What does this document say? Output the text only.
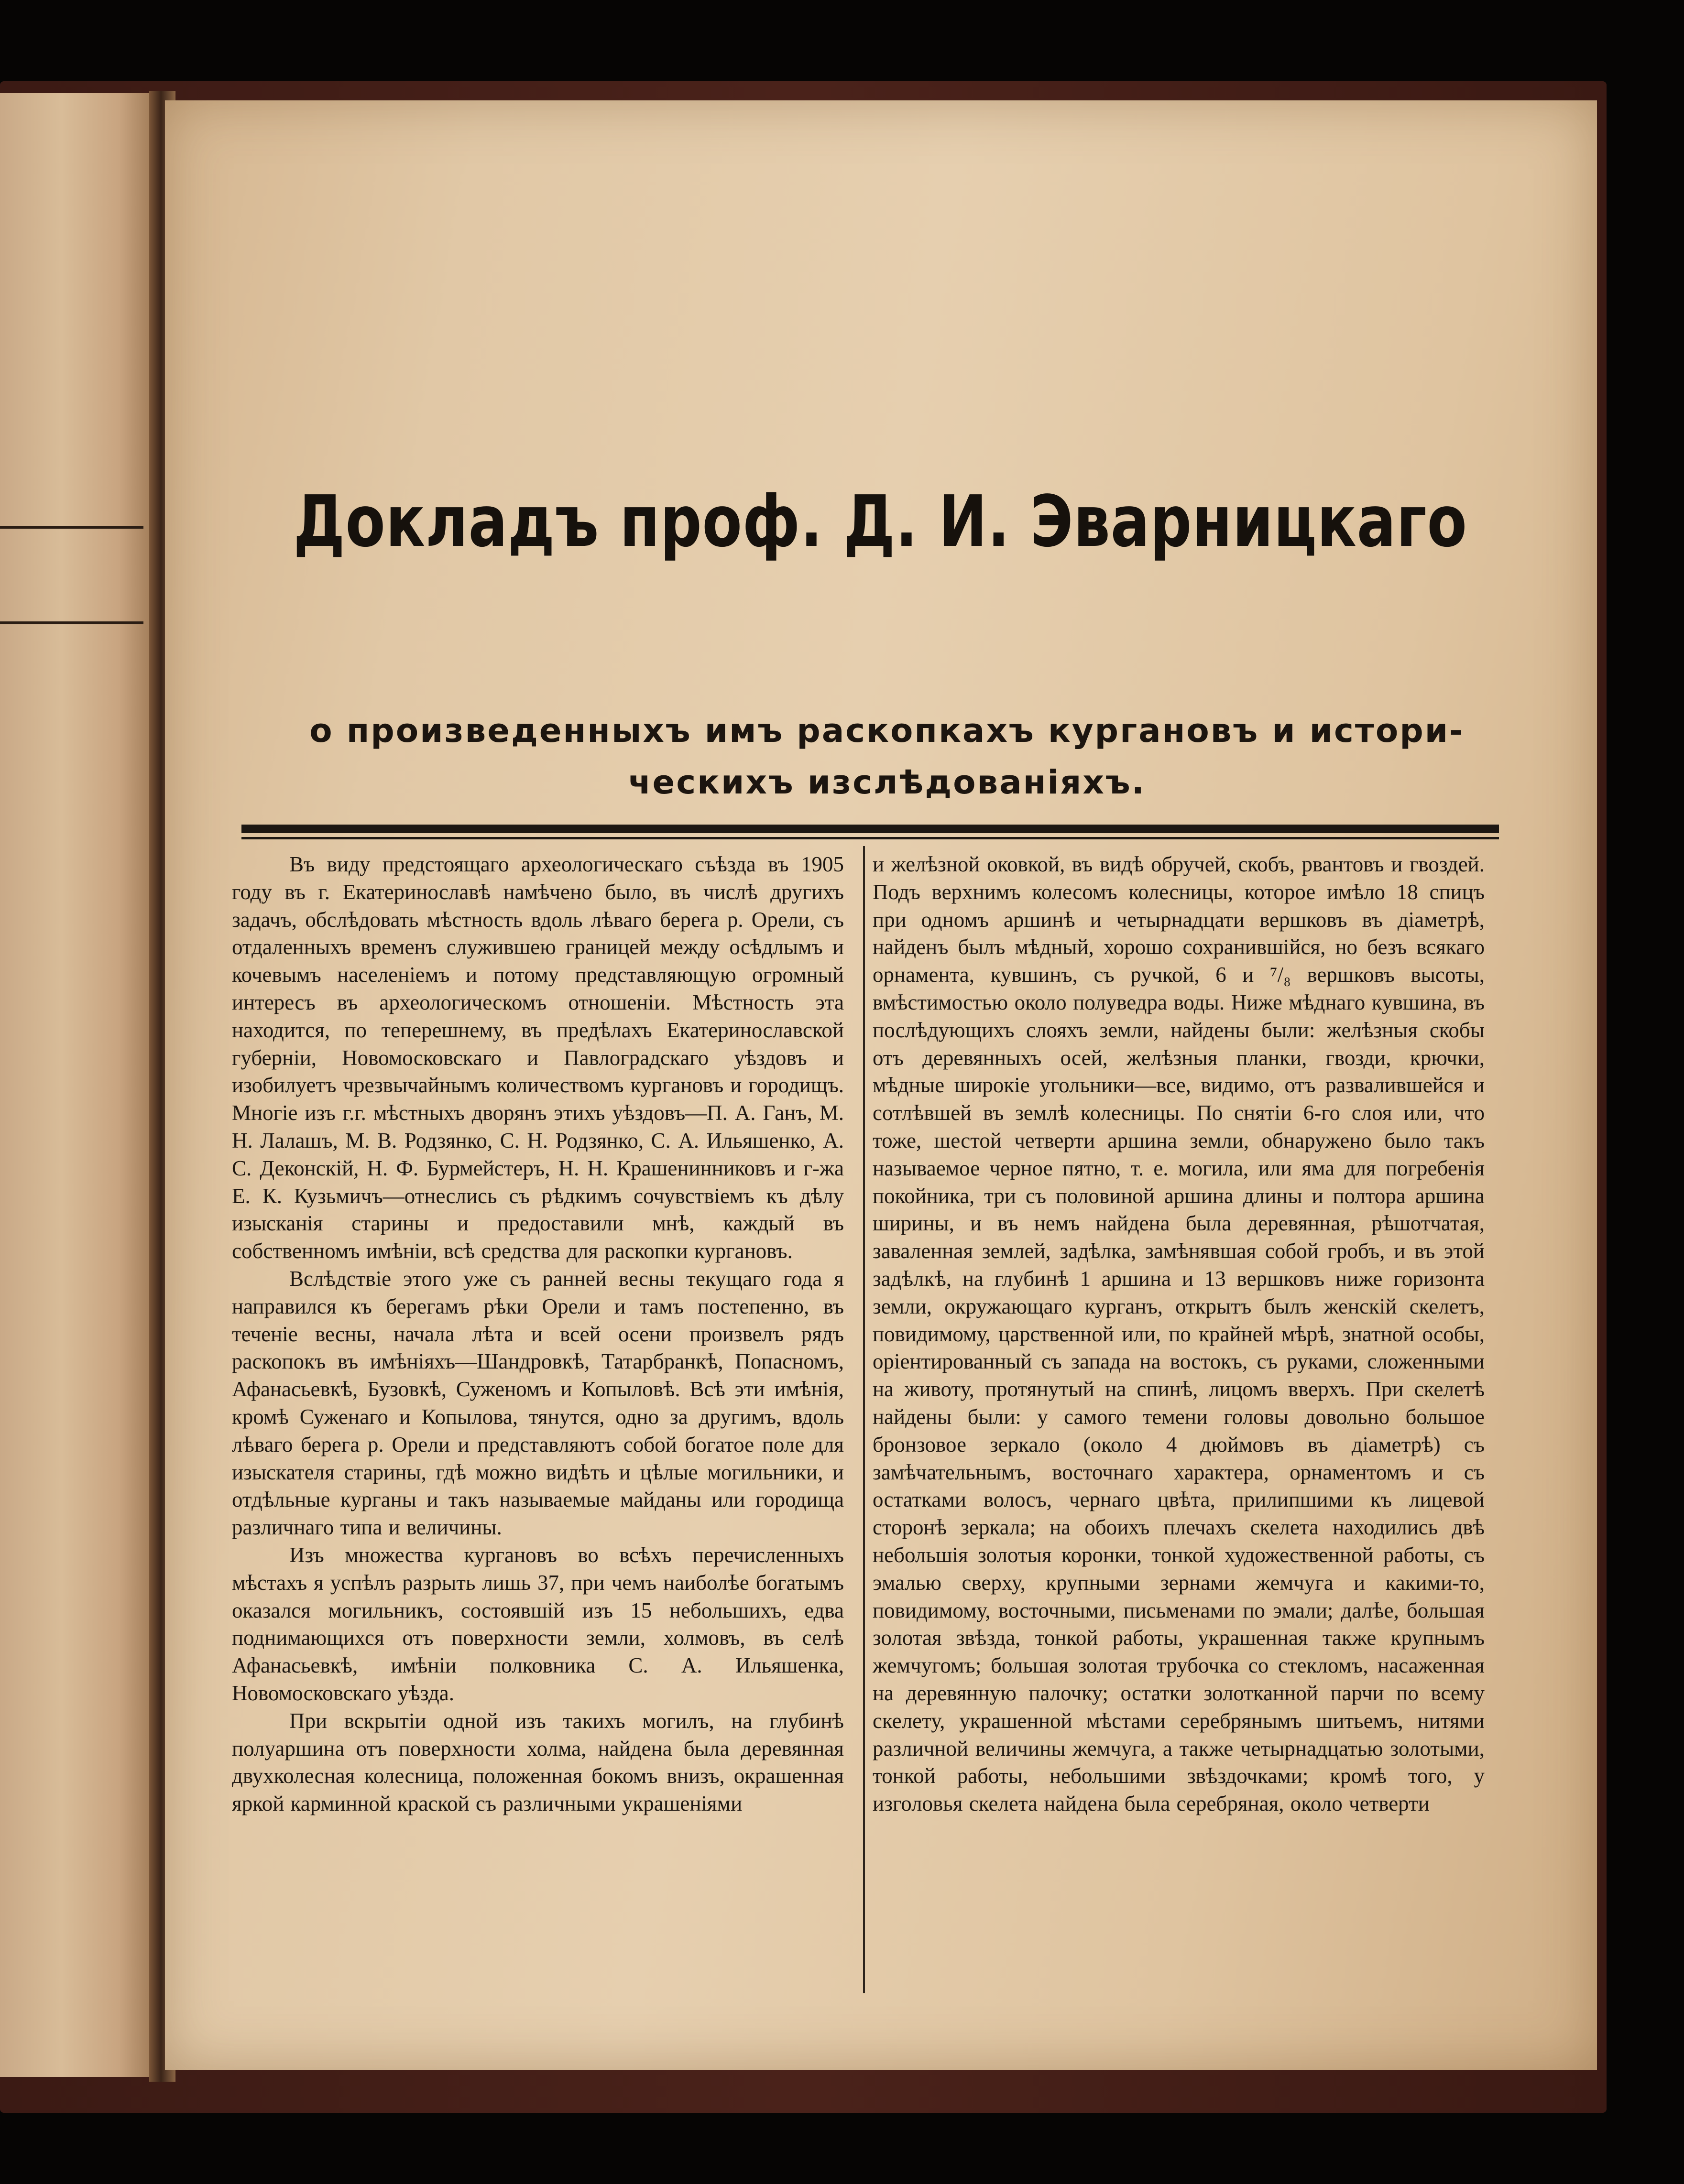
Докладъ проф. Д. И. Эварницкаго
о произведенныхъ имъ раскопкахъ кургановъ и истори-
ческихъ изслѣдованiяхъ.

Въ виду предстоящаго археологическаго съѣзда въ 1905 году въ г. Екатеринославѣ намѣчено было, въ числѣ другихъ задачъ, обслѣдовать мѣстность вдоль лѣваго берега р. Орели, съ отдаленныхъ временъ служившею границей между осѣдлымъ и кочевымъ населенiемъ и потому представляющую огромный интересъ въ археологическомъ отношенiи. Мѣстность эта находится, по теперешнему, въ предѣлахъ Екатеринославской губернiи, Новомосковскаго и Павлоградскаго уѣздовъ и изобилуетъ чрезвычайнымъ количествомъ кургановъ и городищъ. Многiе изъ г.г. мѣстныхъ дворянъ этихъ уѣздовъ—П. А. Ганъ, М. Н. Лалашъ, М. В. Родзянко, С. Н. Родзянко, С. А. Ильяшенко, А. С. Деконскiй, Н. Ф. Бурмейстеръ, Н. Н. Крашенинниковъ и г-жа Е. К. Кузьмичъ—отнеслись съ рѣдкимъ сочувствiемъ къ дѣлу изысканiя старины и предоставили мнѣ, каждый въ собственномъ имѣнiи, всѣ средства для раскопки кургановъ.

Вслѣдствiе этого уже съ ранней весны текущаго года я направился къ берегамъ рѣки Орели и тамъ постепенно, въ теченiе весны, начала лѣта и всей осени произвелъ рядъ раскопокъ въ имѣнiяхъ—Шандровкѣ, Татарбранкѣ, Попасномъ, Афанасьевкѣ, Бузовкѣ, Суженомъ и Копыловѣ. Всѣ эти имѣнiя, кромѣ Суженаго и Копылова, тянутся, одно за другимъ, вдоль лѣваго берега р. Орели и представляютъ собой богатое поле для изыскателя старины, гдѣ можно видѣть и цѣлые могильники, и отдѣльные курганы и такъ называемые майданы или городища различнаго типа и величины.

Изъ множества кургановъ во всѣхъ перечисленныхъ мѣстахъ я успѣлъ разрыть лишь 37, при чемъ наиболѣе богатымъ оказался могильникъ, состоявшiй изъ 15 небольшихъ, едва поднимающихся отъ поверхности земли, холмовъ, въ селѣ Афанасьевкѣ, имѣнiи полковника С. А. Ильяшенка, Новомосковскаго уѣзда.

При вскрытiи одной изъ такихъ могилъ, на глубинѣ полуаршина отъ поверхности холма, найдена была деревянная двухколесная колесница, положенная бокомъ внизъ, окрашенная яркой карминной краской съ различными украшенiями

и желѣзной оковкой, въ видѣ обручей, скобъ, рвантовъ и гвоздей. Подъ верхнимъ колесомъ колесницы, которое имѣло 18 спицъ при одномъ аршинѣ и четырнадцати вершковъ въ дiаметрѣ, найденъ былъ мѣдный, хорошо сохранившiйся, но безъ всякаго орнамента, кувшинъ, съ ручкой, 6 и ⁷/₈ вершковъ высоты, вмѣстимостью около полуведра воды. Ниже мѣднаго кувшина, въ послѣдующихъ слояхъ земли, найдены были: желѣзныя скобы отъ деревянныхъ осей, желѣзныя планки, гвозди, крючки, мѣдные широкiе угольники—все, видимо, отъ развалившейся и сотлѣвшей въ землѣ колесницы. По снятiи 6-го слоя или, что тоже, шестой четверти аршина земли, обнаружено было такъ называемое черное пятно, т. е. могила, или яма для погребенiя покойника, три съ половиной аршина длины и полтора аршина ширины, и въ немъ найдена была деревянная, рѣшотчатая, заваленная землей, задѣлка, замѣнявшая собой гробъ, и въ этой задѣлкѣ, на глубинѣ 1 аршина и 13 вершковъ ниже горизонта земли, окружающаго курганъ, открытъ былъ женскiй скелетъ, повидимому, царственной или, по крайней мѣрѣ, знатной особы, орiентированный съ запада на востокъ, съ руками, сложенными на животу, протянутый на спинѣ, лицомъ вверхъ. При скелетѣ найдены были: у самого темени головы довольно большое бронзовое зеркало (около 4 дюймовъ въ дiаметрѣ) съ замѣчательнымъ, восточнаго характера, орнаментомъ и съ остатками волосъ, чернаго цвѣта, прилипшими къ лицевой сторонѣ зеркала; на обоихъ плечахъ скелета находились двѣ небольшiя золотыя коронки, тонкой художественной работы, съ эмалью сверху, крупными зернами жемчуга и какими-то, повидимому, восточными, письменами по эмали; далѣе, большая золотая звѣзда, тонкой работы, украшенная также крупнымъ жемчугомъ; большая золотая трубочка со стекломъ, насаженная на деревянную палочку; остатки золотканной парчи по всему скелету, украшенной мѣстами серебрянымъ шитьемъ, нитями различной величины жемчуга, а также четырнадцатью золотыми, тонкой работы, небольшими звѣздочками; кромѣ того, у изголовья скелета найдена была серебряная, около четверти
